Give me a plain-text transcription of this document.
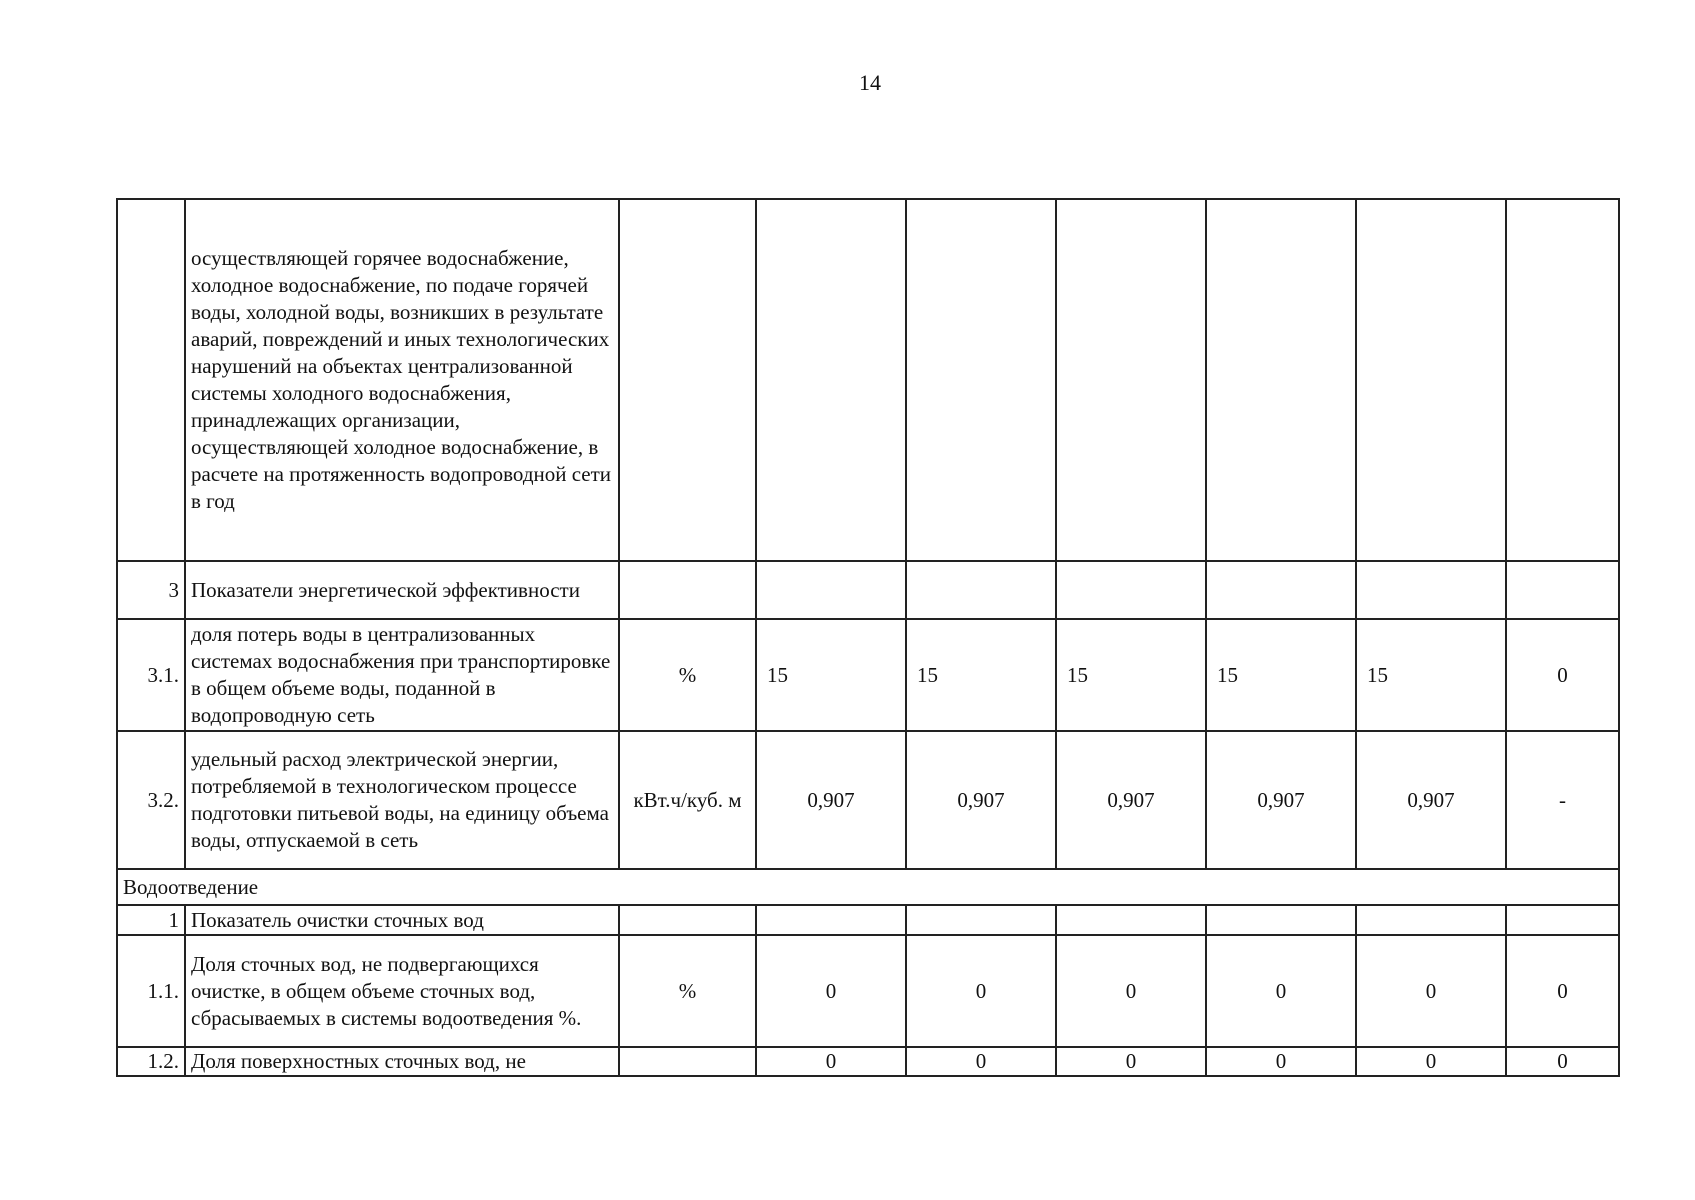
14
	осуществляющей горячее водоснабжение, холодное водоснабжение, по подаче горячей воды, холодной воды, возникших в результате аварий, повреждений и иных технологических нарушений на объектах централизованной системы холодного водоснабжения, принадлежащих организации, осуществляющей холодное водоснабжение, в расчете на протяженность водопроводной сети в год							
3	Показатели энергетической эффективности							
3.1.	доля потерь воды в централизованных системах водоснабжения при транспортировке в общем объеме воды, поданной в водопроводную сеть	%	15	15	15	15	15	0
3.2.	удельный расход электрической энергии, потребляемой в технологическом процессе подготовки питьевой воды, на единицу объема воды, отпускаемой в сеть	кВт.ч/куб. м	0,907	0,907	0,907	0,907	0,907	-
Водоотведение								
1	Показатель очистки сточных вод							
1.1.	Доля сточных вод, не подвергающихся очистке, в общем объеме сточных вод, сбрасываемых в системы водоотведения %.	%	0	0	0	0	0	0
1.2.	Доля поверхностных сточных вод, не		0	0	0	0	0	0
